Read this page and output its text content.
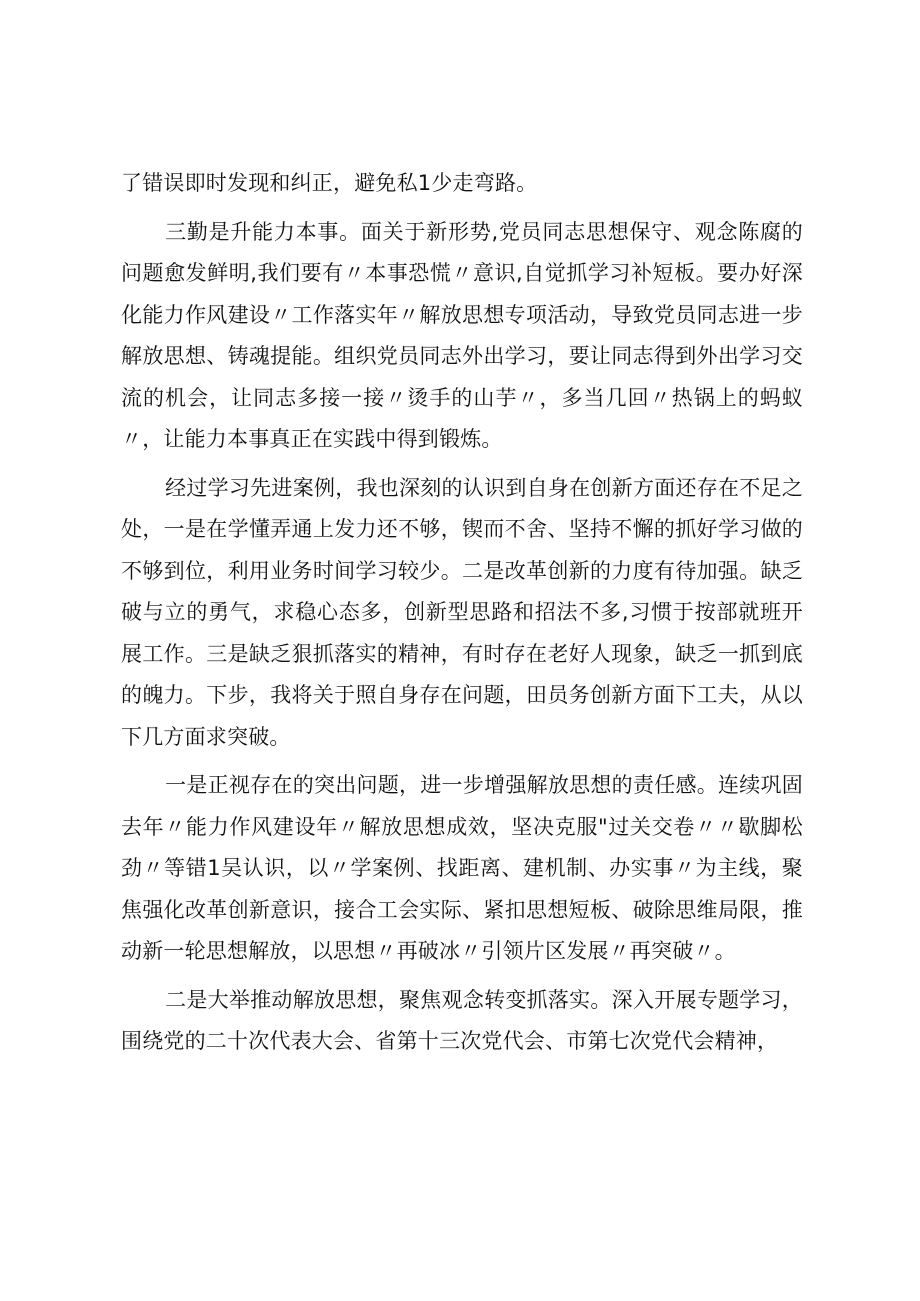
了错误即时发现和纠正，避免私1少走弯路。

三勤是升能力本事。面关于新形势,党员同志思想保守、观念陈腐的问题愈发鲜明,我们要有〃本事恐慌〃意识,自觉抓学习补短板。要办好深化能力作风建设〃工作落实年〃解放思想专项活动，导致党员同志进一步解放思想、铸魂提能。组织党员同志外出学习，要让同志得到外出学习交流的机会，让同志多接一接〃烫手的山芋〃，多当几回〃热锅上的蚂蚁〃，让能力本事真正在实践中得到锻炼。

经过学习先进案例，我也深刻的认识到自身在创新方面还存在不足之处，一是在学懂弄通上发力还不够，锲而不舍、坚持不懈的抓好学习做的不够到位，利用业务时间学习较少。二是改革创新的力度有待加强。缺乏破与立的勇气，求稳心态多，创新型思路和招法不多,习惯于按部就班开展工作。三是缺乏狠抓落实的精神，有时存在老好人现象，缺乏一抓到底的魄力。下步，我将关于照自身存在问题，田员务创新方面下工夫，从以下几方面求突破。

一是正视存在的突出问题，进一步增强解放思想的责任感。连续巩固去年〃能力作风建设年〃解放思想成效，坚决克服"过关交卷〃〃歇脚松劲〃等错1吴认识，以〃学案例、找距离、建机制、办实事〃为主线，聚焦强化改革创新意识，接合工会实际、紧扣思想短板、破除思维局限，推动新一轮思想解放，以思想〃再破冰〃引领片区发展〃再突破〃。

二是大举推动解放思想，聚焦观念转变抓落实。深入开展专题学习，围绕党的二十次代表大会、省第十三次党代会、市第七次党代会精神，
